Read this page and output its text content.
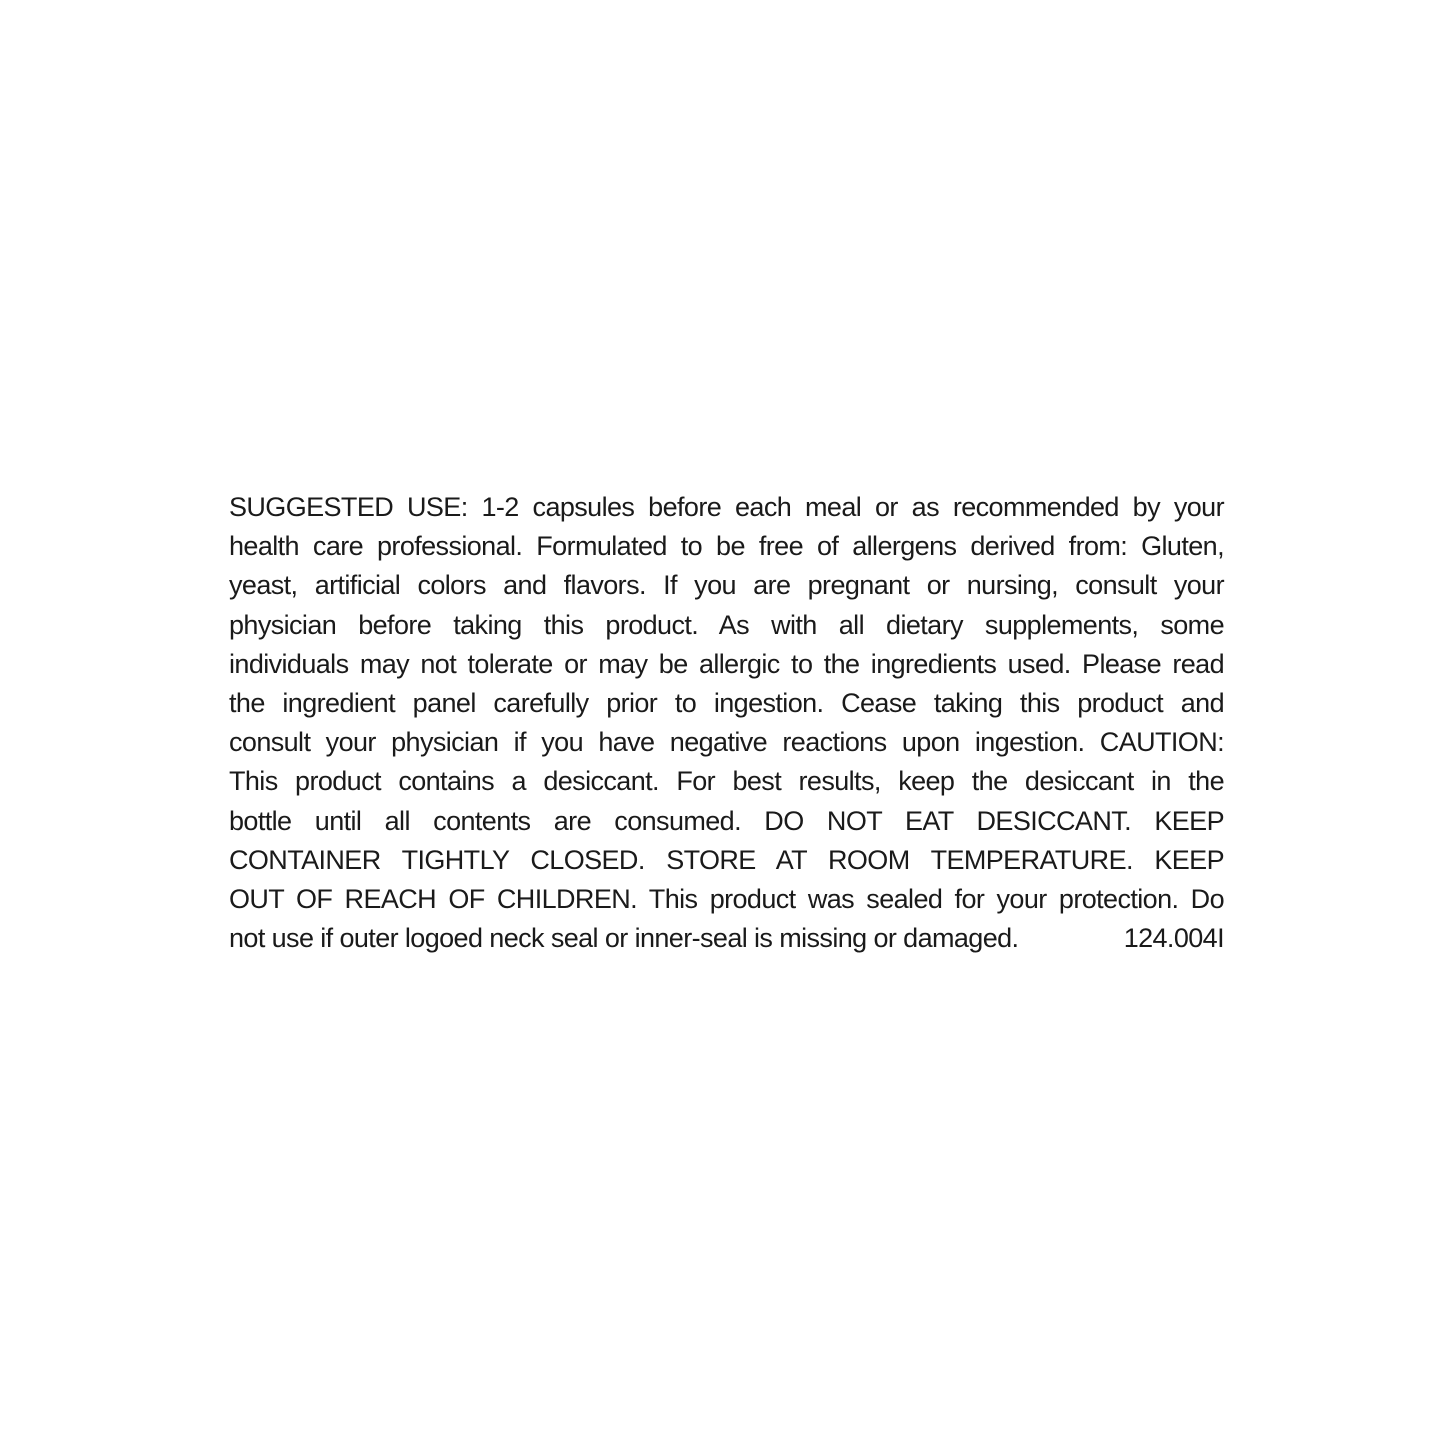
SUGGESTED USE: 1-2 capsules before each meal or as recommended by your
health care professional. Formulated to be free of allergens derived from: Gluten,
yeast, artificial colors and flavors. If you are pregnant or nursing, consult your
physician before taking this product. As with all dietary supplements, some
individuals may not tolerate or may be allergic to the ingredients used. Please read
the ingredient panel carefully prior to ingestion. Cease taking this product and
consult your physician if you have negative reactions upon ingestion. CAUTION:
This product contains a desiccant. For best results, keep the desiccant in the
bottle until all contents are consumed. DO NOT EAT DESICCANT. KEEP
CONTAINER TIGHTLY CLOSED. STORE AT ROOM TEMPERATURE. KEEP
OUT OF REACH OF CHILDREN. This product was sealed for your protection. Do
not use if outer logoed neck seal or inner-seal is missing or damaged.	124.004I
